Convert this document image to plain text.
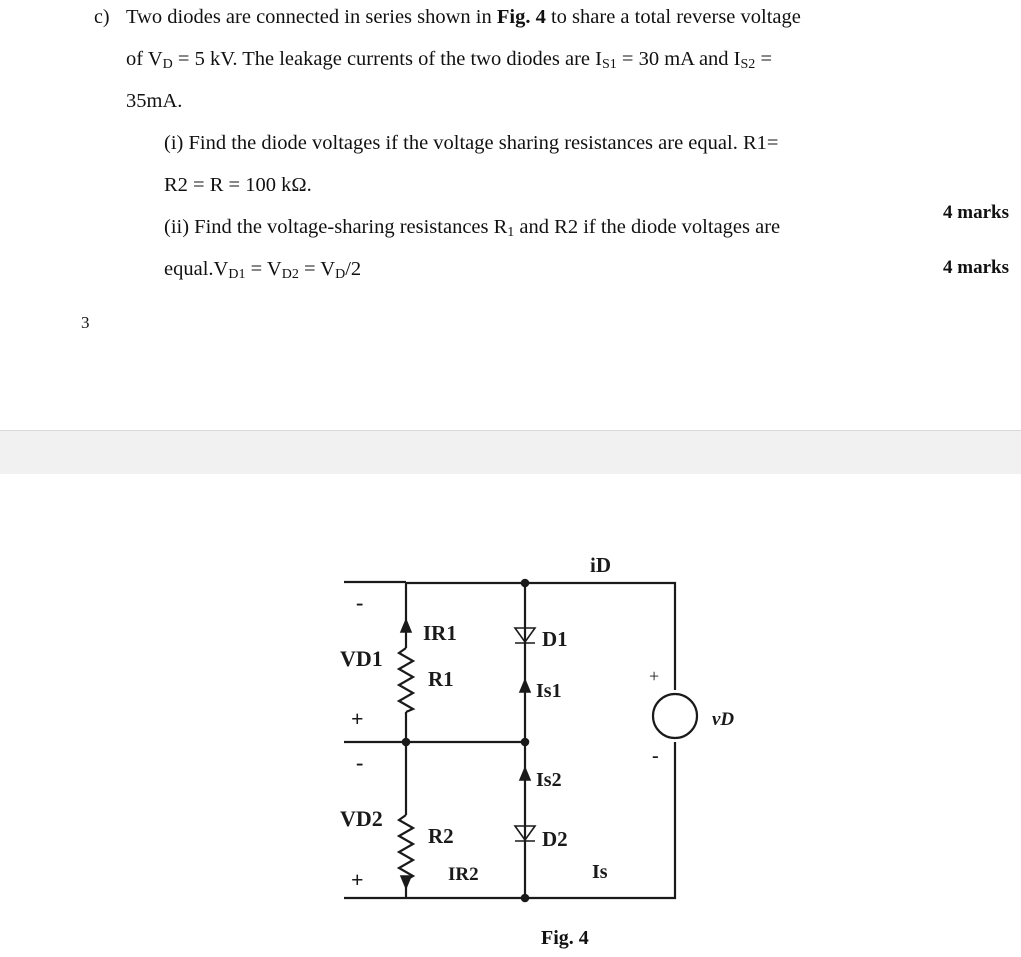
c) Two diodes are connected in series shown in Fig. 4 to share a total reverse voltage
of $V_D = 5$ kV. The leakage currents of the two diodes are $I_{S1} = 30$ mA and $I_{S2}$ =
35mA.
(i) Find the diode voltages if the voltage sharing resistances are equal. R1=
R2 = R = 100 kΩ.
(ii) Find the voltage-sharing resistances $R_1$ and R2 if the diode voltages are
$equal.V_{D1} = V_{D2} = V_D/2$
4 marks
4 marks
3
iD
-
VD1
+
-
VD2
+
IR1
R1
R2
IR2
D1
Is1
Is2
D2
Is
+
-
vD
Fig. 4
